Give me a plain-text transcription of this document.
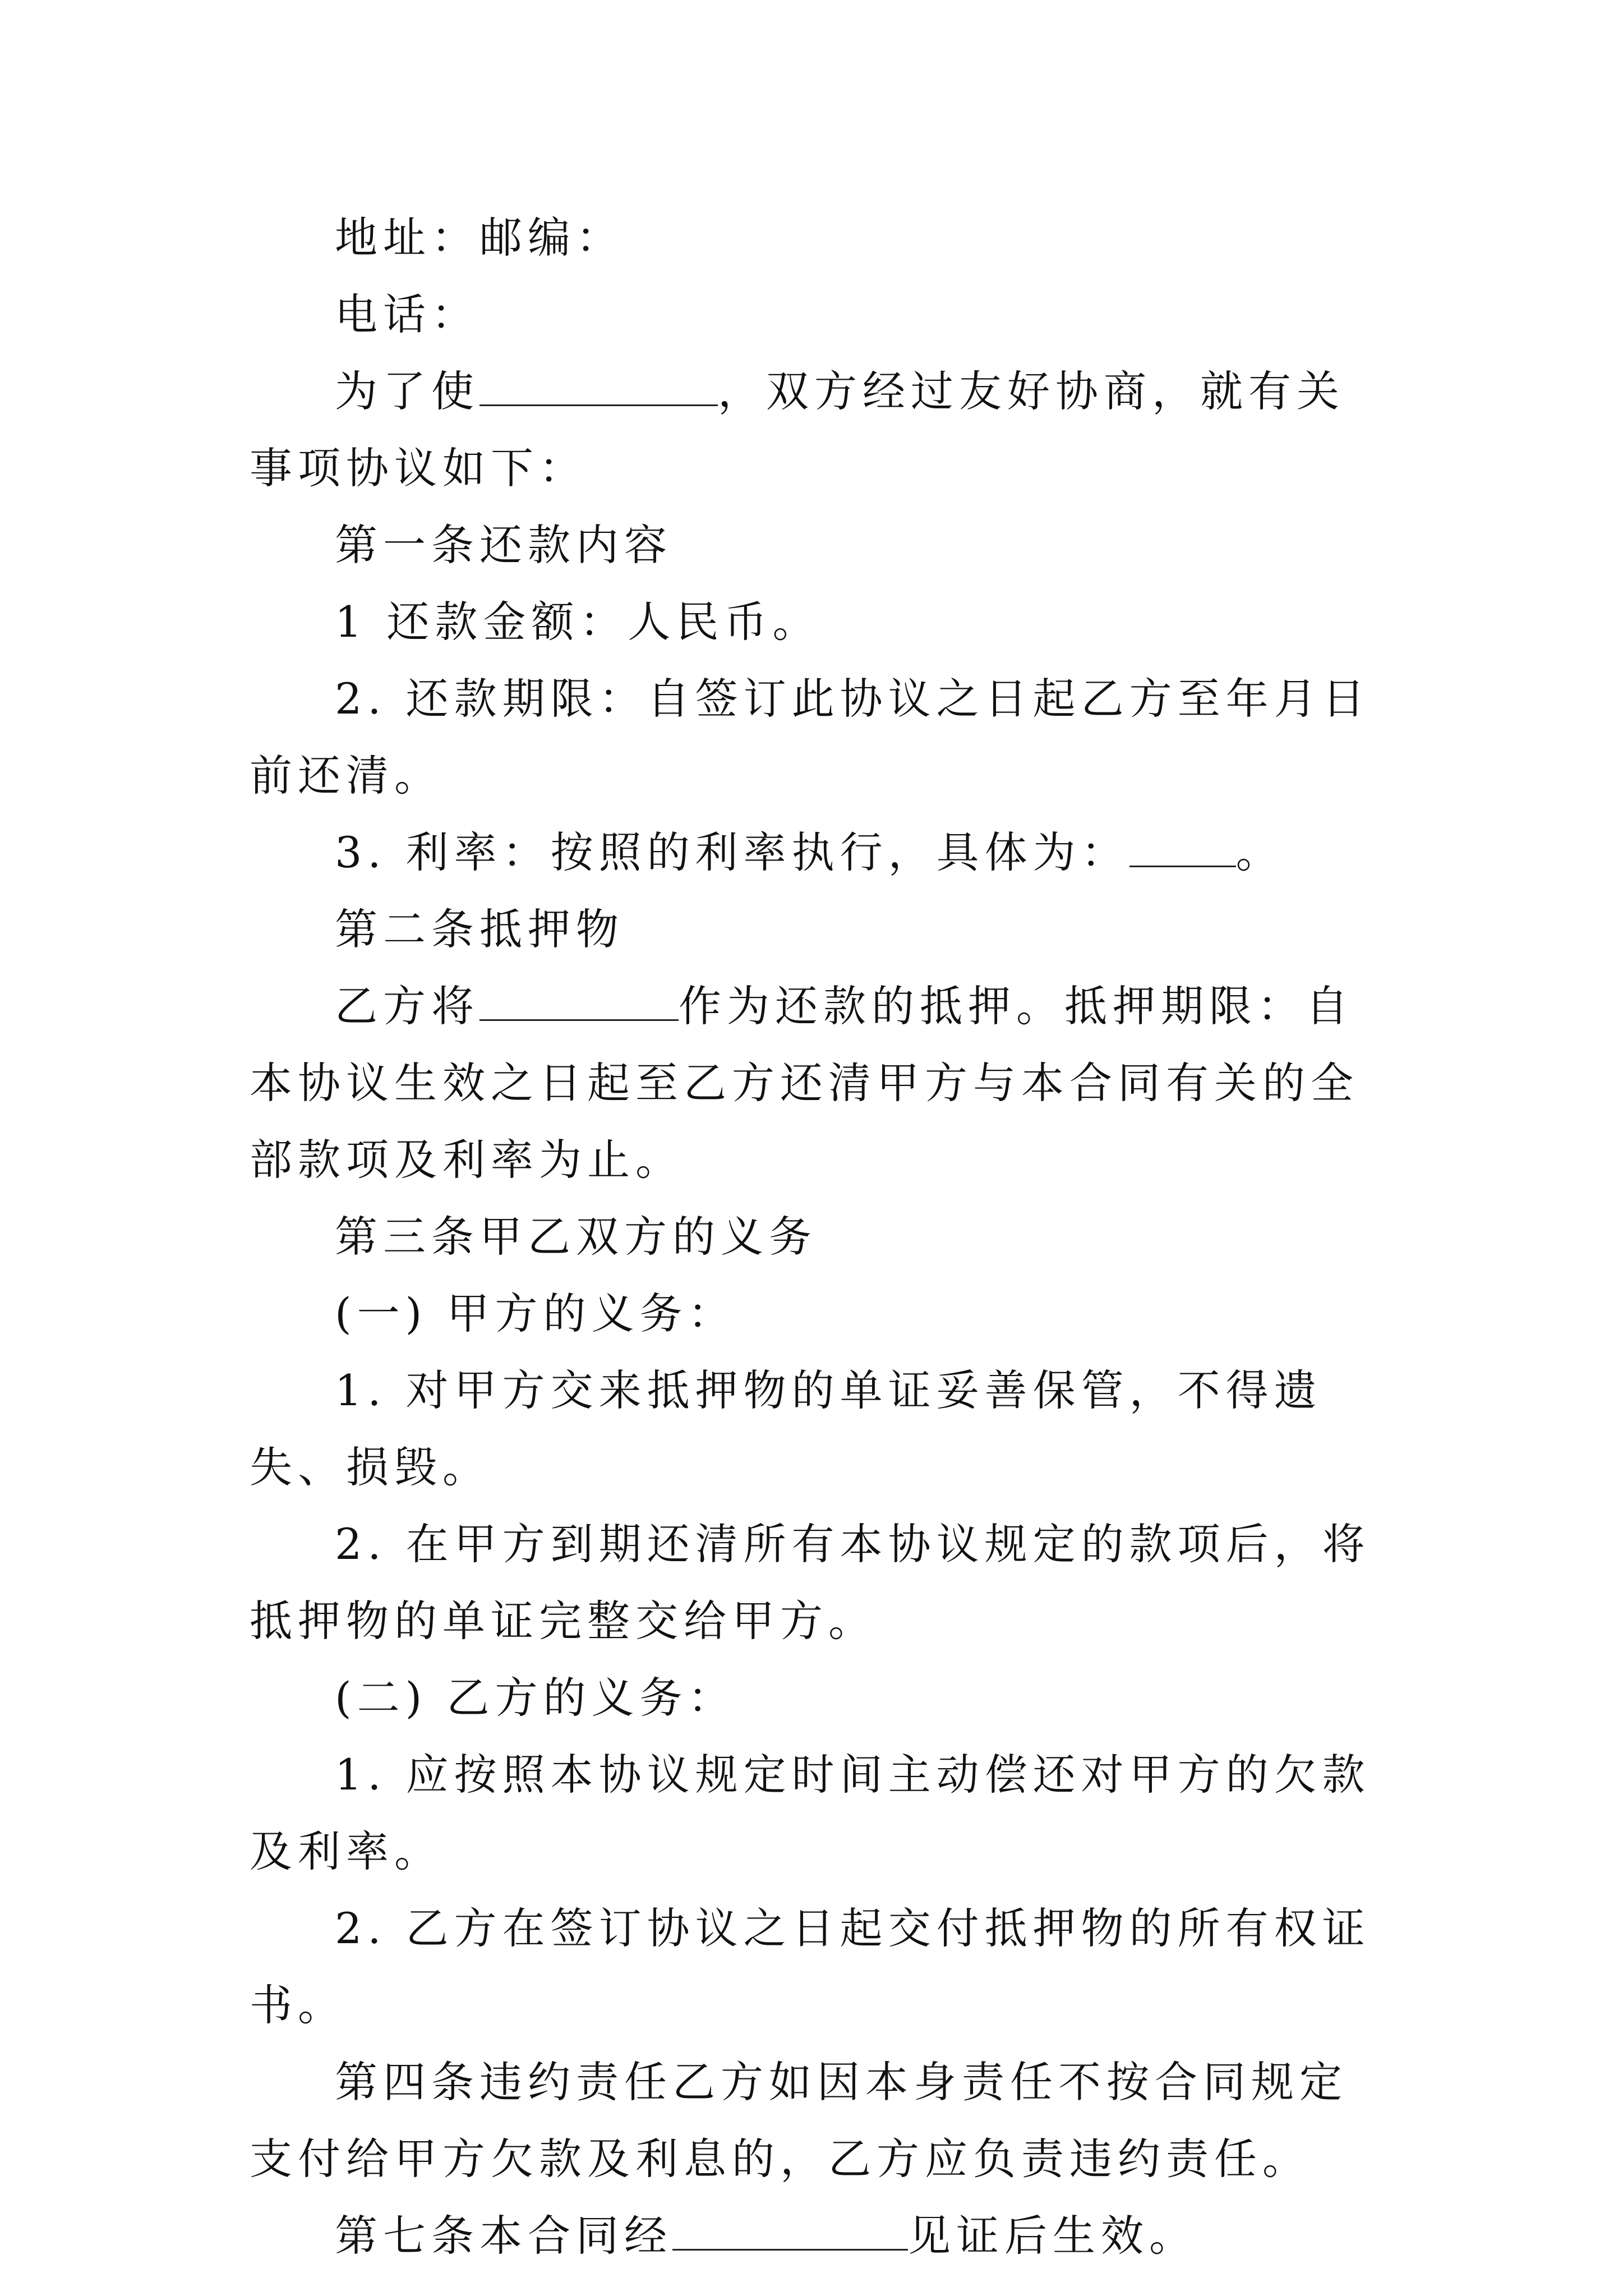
地址：邮编：

电话：

为了使	，双方经过友好协商，就有关事项协议如下：

第一条还款内容

1 还款金额：人民币。

2. 还款期限：自签订此协议之日起乙方至年月日前还清。

3. 利率：按照的利率执行，具体为：	。

第二条抵押物

乙方将	作为还款的抵押。抵押期限：自本协议生效之日起至乙方还清甲方与本合同有关的全部款项及利率为止。

第三条甲乙双方的义务

(一) 甲方的义务：

1. 对甲方交来抵押物的单证妥善保管，不得遗失、损毁。

2. 在甲方到期还清所有本协议规定的款项后，将抵押物的单证完整交给甲方。

(二) 乙方的义务：

1. 应按照本协议规定时间主动偿还对甲方的欠款及利率。

2. 乙方在签订协议之日起交付抵押物的所有权证书。

第四条违约责任乙方如因本身责任不按合同规定支付给甲方欠款及利息的，乙方应负责违约责任。

第七条本合同经	见证后生效。
